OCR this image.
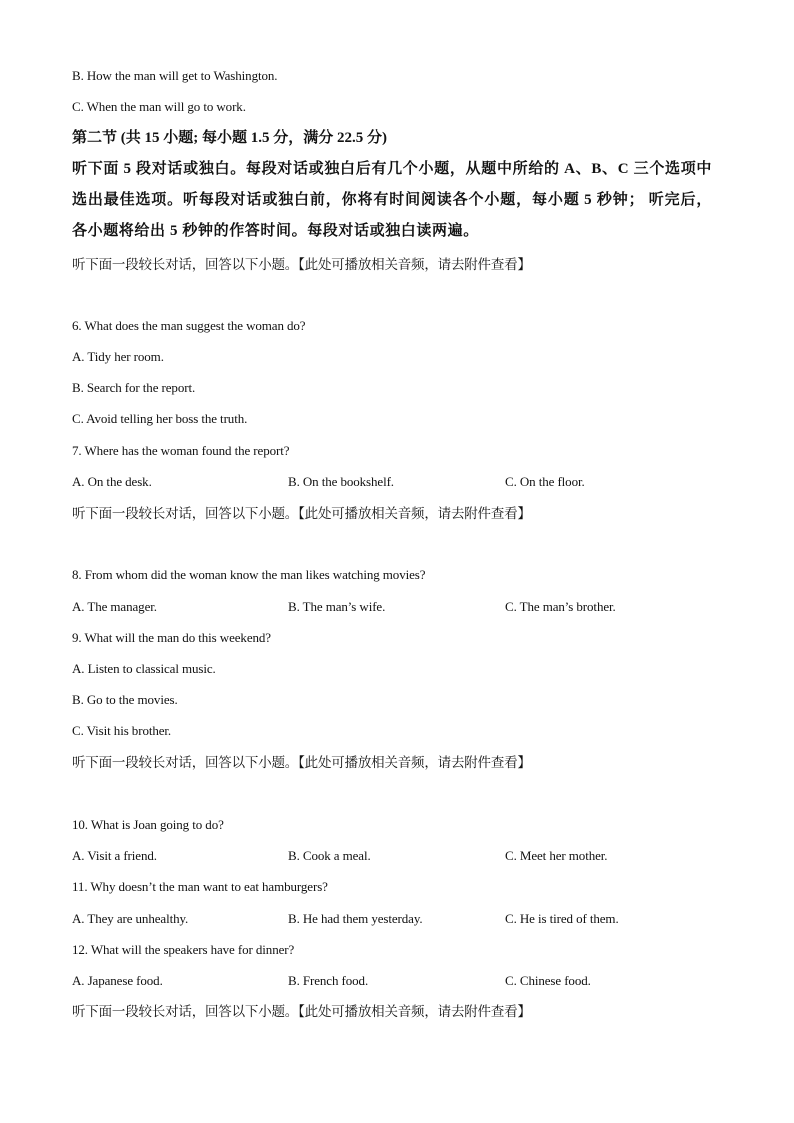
B. How the man will get to Washington.
C. When the man will go to work.
第二节 (共 15 小题; 每小题 1.5 分，满分 22.5 分)
听下面 5 段对话或独白。每段对话或独白后有几个小题，从题中所给的 A、B、C 三个选项中选出最佳选项。听每段对话或独白前，你将有时间阅读各个小题，每小题 5 秒钟； 听完后，各小题将给出 5 秒钟的作答时间。每段对话或独白读两遍。
听下面一段较长对话，回答以下小题。【此处可播放相关音频，请去附件查看】
6. What does the man suggest the woman do?
A. Tidy her room.
B. Search for the report.
C. Avoid telling her boss the truth.
7. Where has the woman found the report?
A. On the desk.	B. On the bookshelf.	C. On the floor.
听下面一段较长对话，回答以下小题。【此处可播放相关音频，请去附件查看】
8. From whom did the woman know the man likes watching movies?
A. The manager.	B. The man’s wife.	C. The man’s brother.
9. What will the man do this weekend?
A. Listen to classical music.
B. Go to the movies.
C. Visit his brother.
听下面一段较长对话，回答以下小题。【此处可播放相关音频，请去附件查看】
10. What is Joan going to do?
A. Visit a friend.	B. Cook a meal.	C. Meet her mother.
11. Why doesn’t the man want to eat hamburgers?
A. They are unhealthy.	B. He had them yesterday.	C. He is tired of them.
12. What will the speakers have for dinner?
A. Japanese food.	B. French food.	C. Chinese food.
听下面一段较长对话，回答以下小题。【此处可播放相关音频，请去附件查看】
